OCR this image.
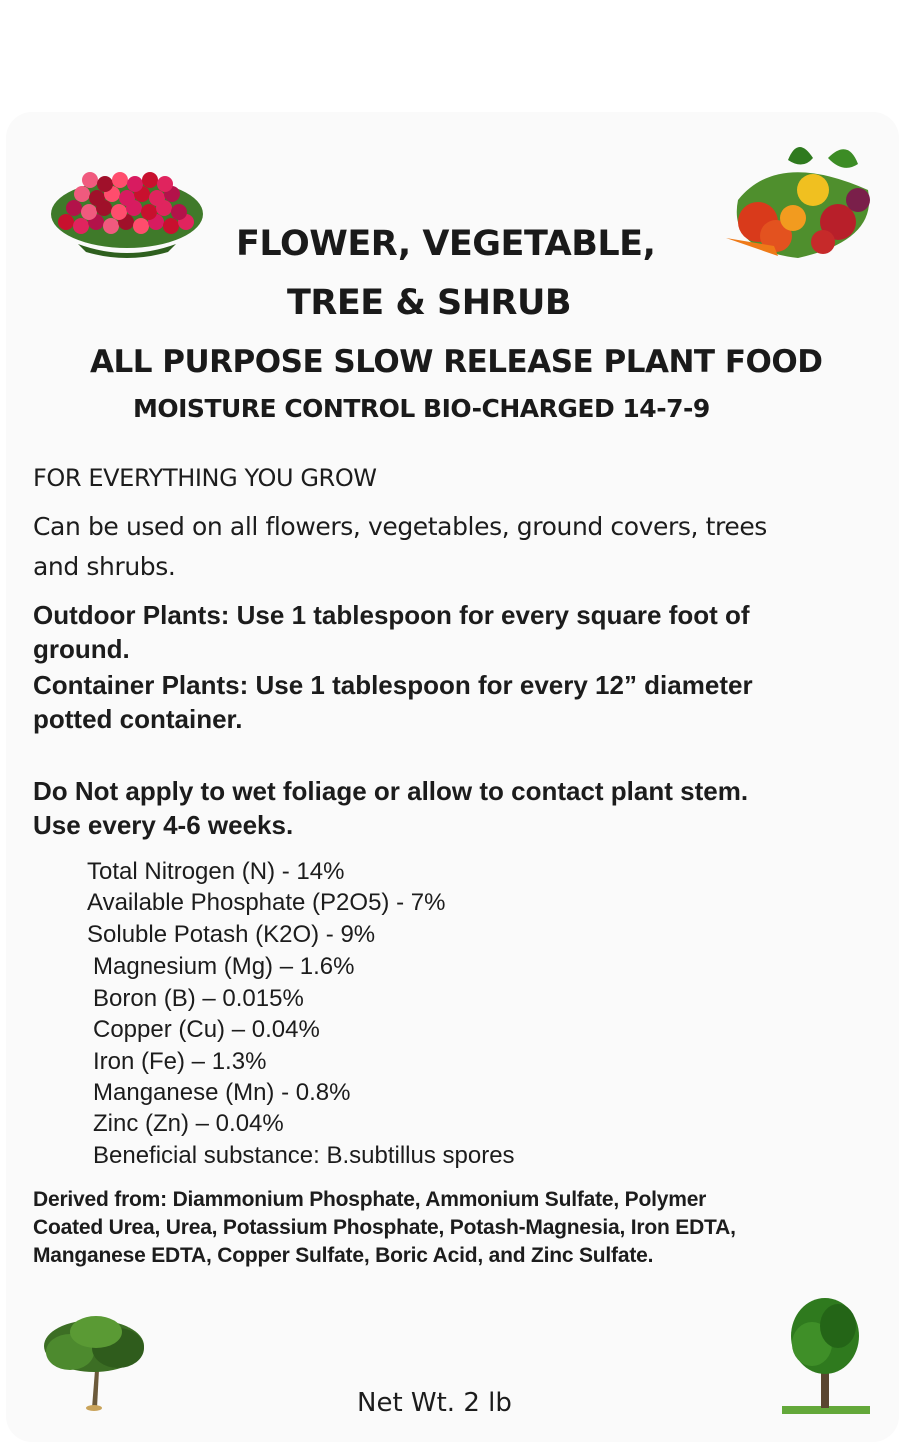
FLOWER, VEGETABLE,
TREE & SHRUB
ALL PURPOSE SLOW RELEASE PLANT FOOD
MOISTURE CONTROL BIO-CHARGED 14-7-9
FOR EVERYTHING YOU GROW
Can be used on all flowers, vegetables, ground covers, trees
and shrubs.
Outdoor Plants: Use 1 tablespoon for every square foot of
ground.
Container Plants: Use 1 tablespoon for every 12” diameter
potted container.
Do Not apply to wet foliage or allow to contact plant stem.
Use every 4-6 weeks.
Total Nitrogen (N) - 14%
Available Phosphate (P2O5) - 7%
Soluble Potash (K2O) - 9%
Magnesium (Mg) – 1.6%
Boron (B) – 0.015%
Copper (Cu) – 0.04%
Iron (Fe) – 1.3%
Manganese (Mn) - 0.8%
Zinc (Zn) – 0.04%
Beneficial substance: B.subtillus spores
Derived from: Diammonium Phosphate, Ammonium Sulfate, Polymer
Coated Urea, Urea, Potassium Phosphate, Potash-Magnesia, Iron EDTA,
Manganese EDTA, Copper Sulfate, Boric Acid, and Zinc Sulfate.
Net Wt. 2 lb
